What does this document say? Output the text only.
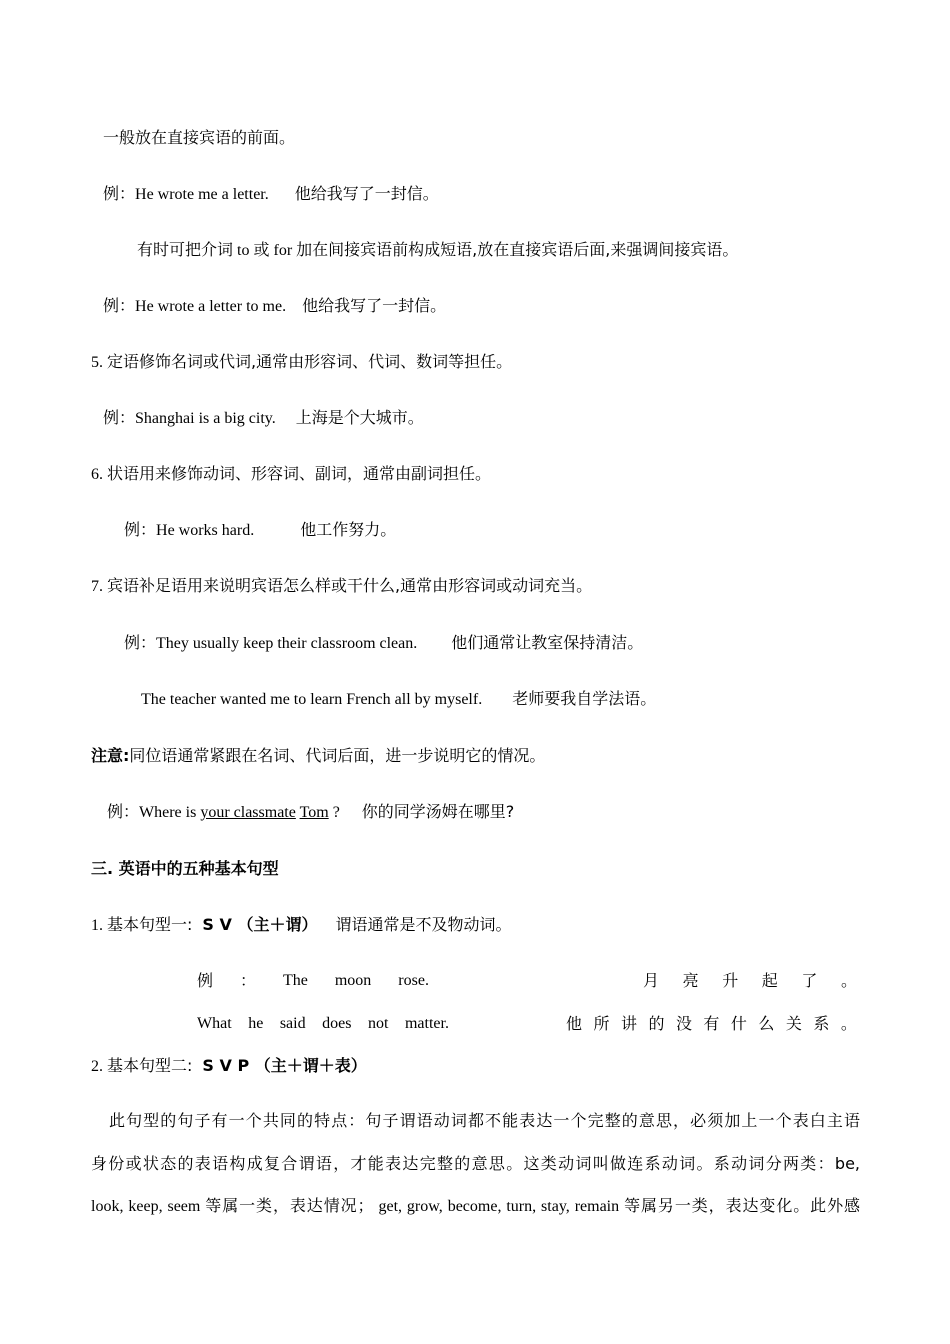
一般放在直接宾语的前面。
例：He wrote me a letter. 他给我写了一封信。
有时可把介词 to 或 for 加在间接宾语前构成短语,放在直接宾语后面,来强调间接宾语。
例：He wrote a letter to me. 他给我写了一封信。
5. 定语修饰名词或代词,通常由形容词、代词、数词等担任。
例：Shanghai is a big city. 上海是个大城市。
6. 状语用来修饰动词、形容词、副词，通常由副词担任。
例：He works hard.	他工作努力。
7. 宾语补足语用来说明宾语怎么样或干什么,通常由形容词或动词充当。
例：They usually keep their classroom clean. 他们通常让教室保持清洁。
The teacher wanted me to learn French all by myself. 老师要我自学法语。
注意:同位语通常紧跟在名词、代词后面，进一步说明它的情况。
例：Where is your classmate Tom ? 你的同学汤姆在哪里?
三. 英语中的五种基本句型
1. 基本句型一: S V （主＋谓） 谓语通常是不及物动词。
例 ： The moon rose.	月 亮 升 起 了 。
What he said does not matter.	他 所 讲 的 没 有 什 么 关 系 。
2. 基本句型二: S V P （主＋谓＋表）
此句型的句子有一个共同的特点：句子谓语动词都不能表达一个完整的意思，必须加上一个表白主语
身份或状态的表语构成复合谓语，才能表达完整的意思。这类动词叫做连系动词。系动词分两类：be,
look, keep, seem 等属一类，表达情况； get, grow, become, turn, stay, remain 等属另一类，表达变化。此外感
